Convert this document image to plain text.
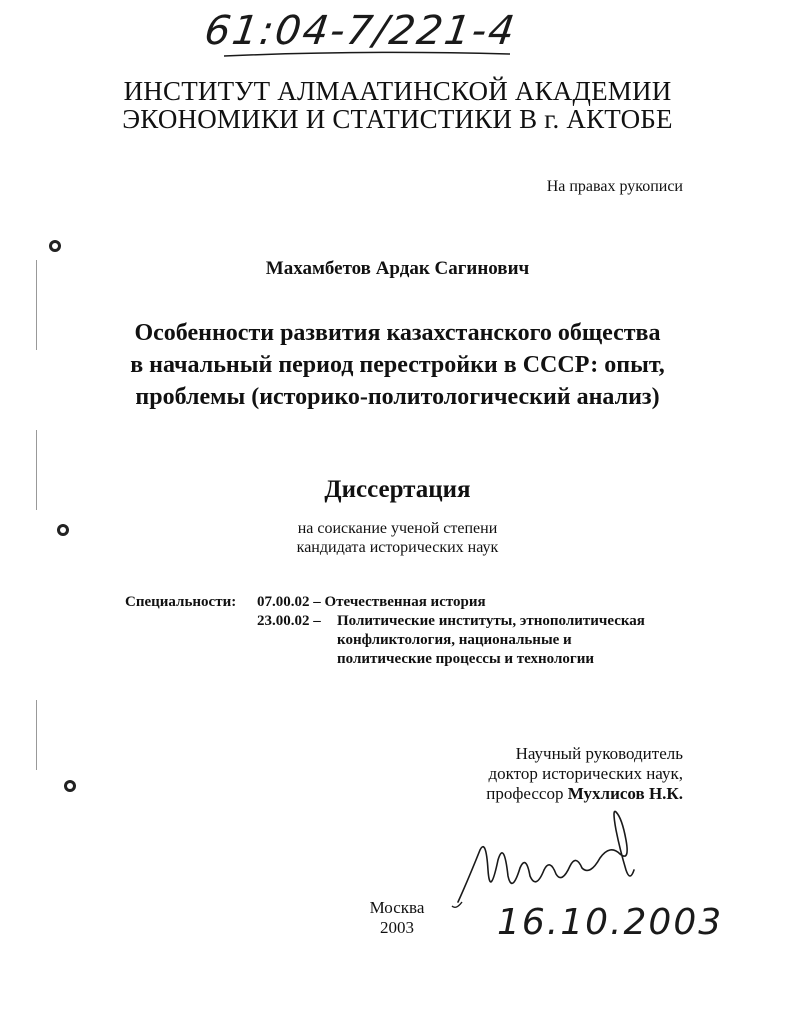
61:04-7/221-4
ИНСТИТУТ АЛМААТИНСКОЙ АКАДЕМИИ
ЭКОНОМИКИ И СТАТИСТИКИ В г. АКТОБЕ
На правах рукописи
Махамбетов Ардак Сагинович
Особенности развития казахстанского общества
в начальный период перестройки в СССР: опыт,
проблемы (историко-политологический анализ)
Диссертация
на соискание ученой степени
кандидата исторических наук
Специальности: 07.00.02 – Отечественная история
23.00.02 – Политические институты, этнополитическая
конфликтология, национальные и
политические процессы и технологии
Научный руководитель
доктор исторических наук,
профессор Мухлисов Н.К.
Москва
2003	16.10.2003
